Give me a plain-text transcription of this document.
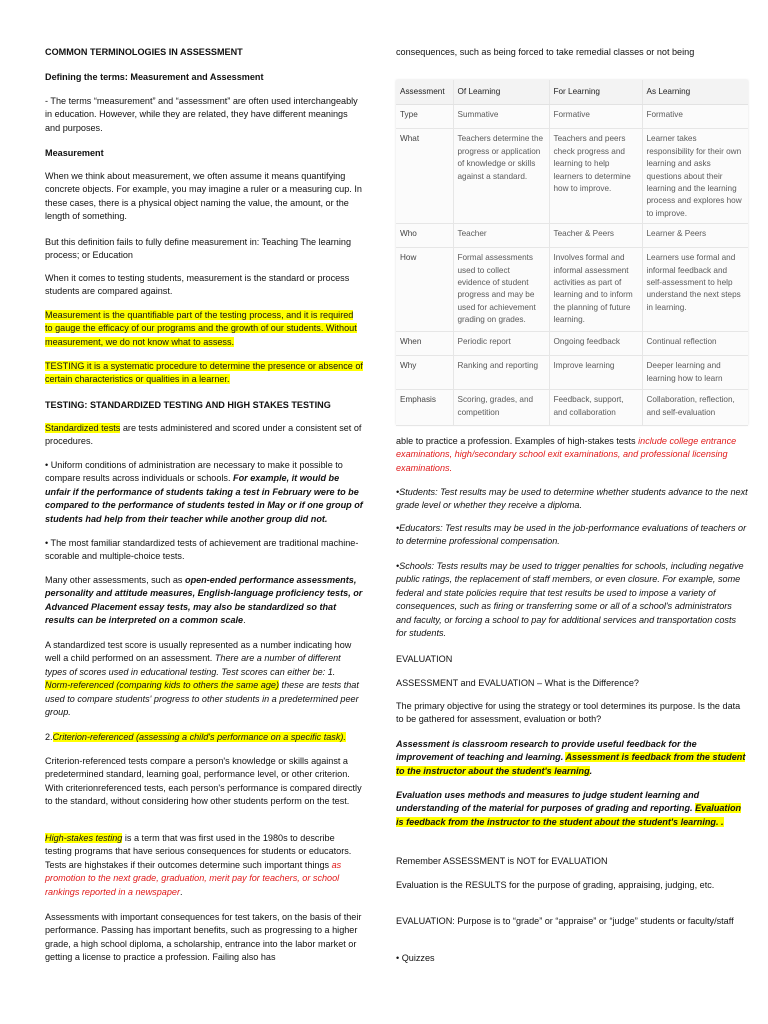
COMMON TERMINOLOGIES IN ASSESSMENT

Defining the terms: Measurement and Assessment

- The terms “measurement” and “assessment” are often used interchangeably in education. However, while they are related, they have different meanings and purposes.

Measurement

When we think about measurement, we often assume it means quantifying concrete objects. For example, you may imagine a ruler or a measuring cup. In these cases, there is a physical object naming the value, the amount, or the length of something.

But this definition fails to fully define measurement in: Teaching The learning process; or Education

When it comes to testing students, measurement is the standard or process students are compared against.

Measurement is the quantifiable part of the testing process, and it is required to gauge the efficacy of our programs and the growth of our students. Without measurement, we do not know what to assess.

TESTING it is a systematic procedure to determine the presence or absence of certain characteristics or qualities in a learner.

TESTING: STANDARDIZED TESTING AND HIGH STAKES TESTING

Standardized tests are tests administered and scored under a consistent set of procedures.

• Uniform conditions of administration are necessary to make it possible to compare results across individuals or schools. For example, it would be unfair if the performance of students taking a test in February were to be compared to the performance of students tested in May or if one group of students had help from their teacher while another group did not.

• The most familiar standardized tests of achievement are traditional machine-scorable and multiple-choice tests.

Many other assessments, such as open-ended performance assessments, personality and attitude measures, English-language proficiency tests, or Advanced Placement essay tests, may also be standardized so that results can be interpreted on a common scale.

A standardized test score is usually represented as a number indicating how well a child performed on an assessment. There are a number of different types of scores used in educational testing. Test scores can either be: 1. Norm-referenced (comparing kids to others the same age) these are tests that used to compare students' progress to other students in a predetermined peer group.

2.Criterion-referenced (assessing a child's performance on a specific task).

Criterion-referenced tests compare a person's knowledge or skills against a predetermined standard, learning goal, performance level, or other criterion. With criterionreferenced tests, each person's performance is compared directly to the standard, without considering how other students perform on the test.

High-stakes testing is a term that was first used in the 1980s to describe testing programs that have serious consequences for students or educators. Tests are highstakes if their outcomes determine such important things as promotion to the next grade, graduation, merit pay for teachers, or school rankings reported in a newspaper.

Assessments with important consequences for test takers, on the basis of their performance. Passing has important benefits, such as progressing to a higher grade, a high school diploma, a scholarship, entrance into the labor market or getting a license to practice a profession. Failing also has

consequences, such as being forced to take remedial classes or not being

able to practice a profession. Examples of high-stakes tests include college entrance examinations, high/secondary school exit examinations, and professional licensing examinations.

•Students: Test results may be used to determine whether students advance to the next grade level or whether they receive a diploma.

•Educators: Test results may be used in the job-performance evaluations of teachers or to determine professional compensation.

•Schools: Tests results may be used to trigger penalties for schools, including negative public ratings, the replacement of staff members, or even closure. For example, some federal and state policies require that test results be used to impose a variety of consequences, such as firing or transferring some or all of a school's administrators and faculty, or forcing a school to pay for additional services and transportation costs for students.

EVALUATION

ASSESSMENT and EVALUATION – What is the Difference?

The primary objective for using the strategy or tool determines its purpose. Is the data to be gathered for assessment, evaluation or both?

Assessment is classroom research to provide useful feedback for the improvement of teaching and learning. Assessment is feedback from the student to the instructor about the student's learning.

Evaluation uses methods and measures to judge student learning and understanding of the material for purposes of grading and reporting. Evaluation is feedback from the instructor to the student about the student's learning. .

Remember ASSESSMENT is NOT for EVALUATION

Evaluation is the RESULTS for the purpose of grading, appraising, judging, etc.

EVALUATION: Purpose is to “grade” or “appraise” or “judge” students or faculty/staff

• Quizzes

Assessment	Of Learning	For Learning	As Learning
Type	Summative	Formative	Formative
What	Teachers determine the progress or application of knowledge or skills against a standard.	Teachers and peers check progress and learning to help learners to determine how to improve.	Learner takes responsibility for their own learning and asks questions about their learning and the learning process and explores how to improve.
Who	Teacher	Teacher & Peers	Learner & Peers
How	Formal assessments used to collect evidence of student progress and may be used for achievement grading on grades.	Involves formal and informal assessment activities as part of learning and to inform the planning of future learning.	Learners use formal and informal feedback and self-assessment to help understand the next steps in learning.
When	Periodic report	Ongoing feedback	Continual reflection
Why	Ranking and reporting	Improve learning	Deeper learning and learning how to learn
Emphasis	Scoring, grades, and competition	Feedback, support, and collaboration	Collaboration, reflection, and self-evaluation
